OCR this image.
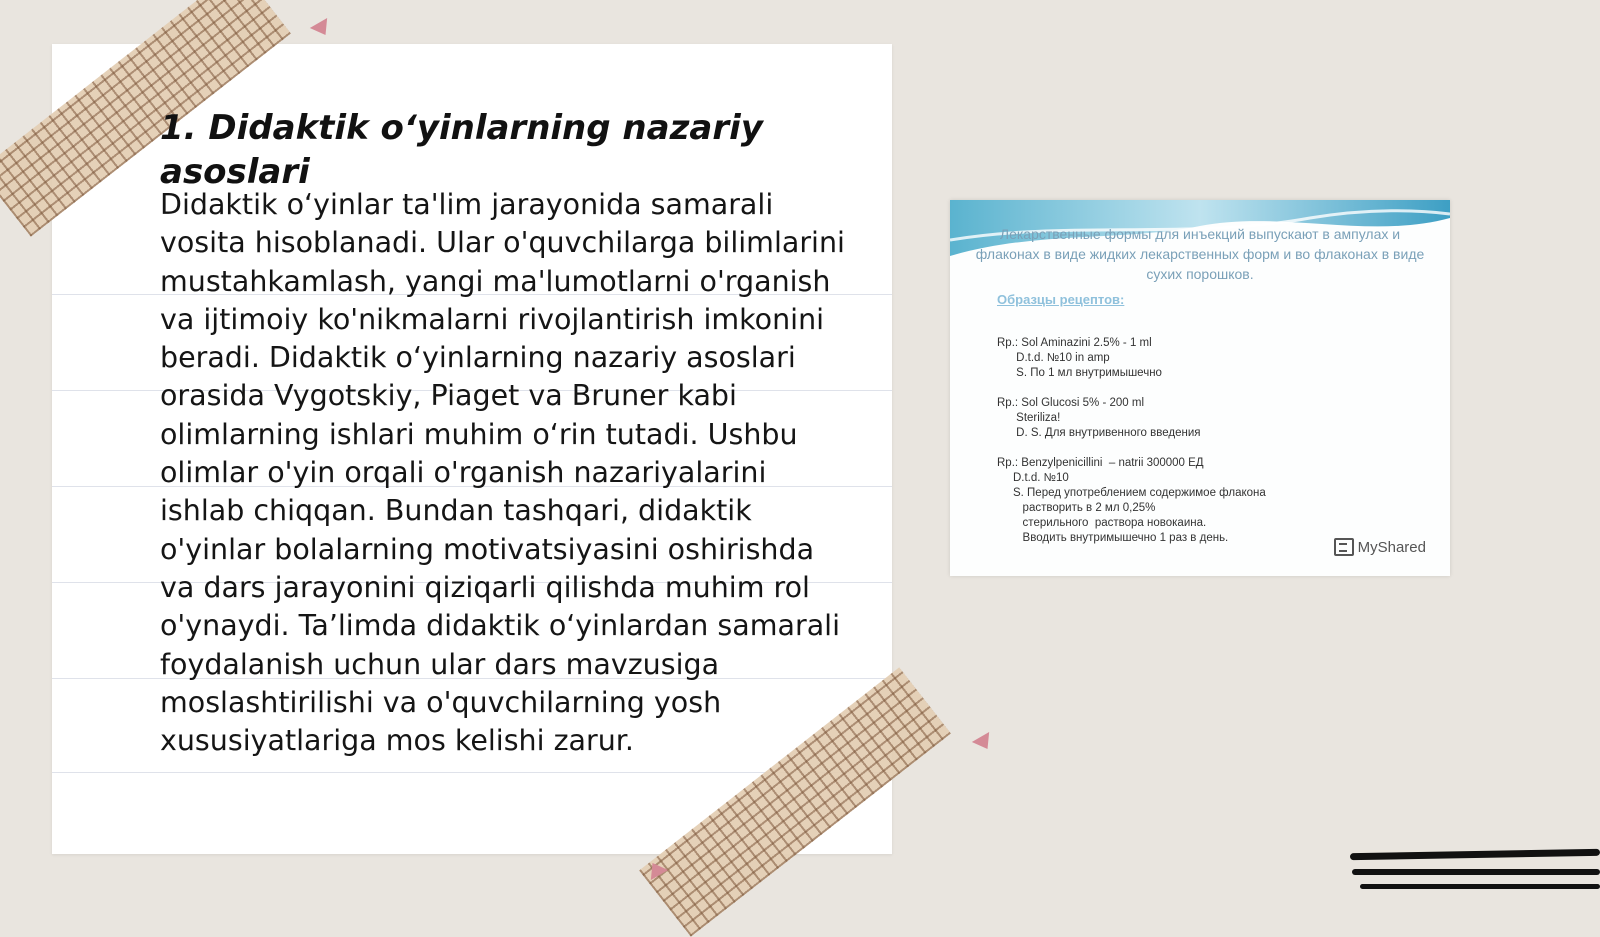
1. Didaktik o‘yinlarning nazariy asoslari

Didaktik o‘yinlar ta'lim jarayonida samarali vosita hisoblanadi. Ular o'quvchilarga bilimlarini mustahkamlash, yangi ma'lumotlarni o'rganish va ijtimoiy ko'nikmalarni rivojlantirish imkonini beradi. Didaktik o‘yinlarning nazariy asoslari orasida Vygotskiy, Piaget va Bruner kabi olimlarning ishlari muhim o‘rin tutadi. Ushbu olimlar o'yin orqali o'rganish nazariyalarini ishlab chiqqan. Bundan tashqari, didaktik o'yinlar bolalarning motivatsiyasini oshirishda va dars jarayonini qiziqarli qilishda muhim rol o'ynaydi. Ta’limda didaktik o‘yinlardan samarali foydalanish uchun ular dars mavzusiga moslashtirilishi va o'quvchilarning yosh xususiyatlariga mos kelishi zarur.

Лекарственные формы для инъекций выпускают в ампулах и флаконах в виде жидких лекарственных форм и во флаконах в виде сухих порошков.
Образцы рецептов:
Rp.: Sol Aminazini 2.5% - 1 ml
D.t.d. №10 in amp
S. По 1 мл внутримышечно
Rp.: Sol Glucosi 5% - 200 ml
Steriliza!
D. S. Для внутривенного введения
Rp.: Benzylpenicillini  – natrii 300000 ЕД
D.t.d. №10
S. Перед употреблением содержимое флакона
растворить в 2 мл 0,25%
стерильного  раствора новокаина.
Вводить внутримышечно 1 раз в день.
MyShared
